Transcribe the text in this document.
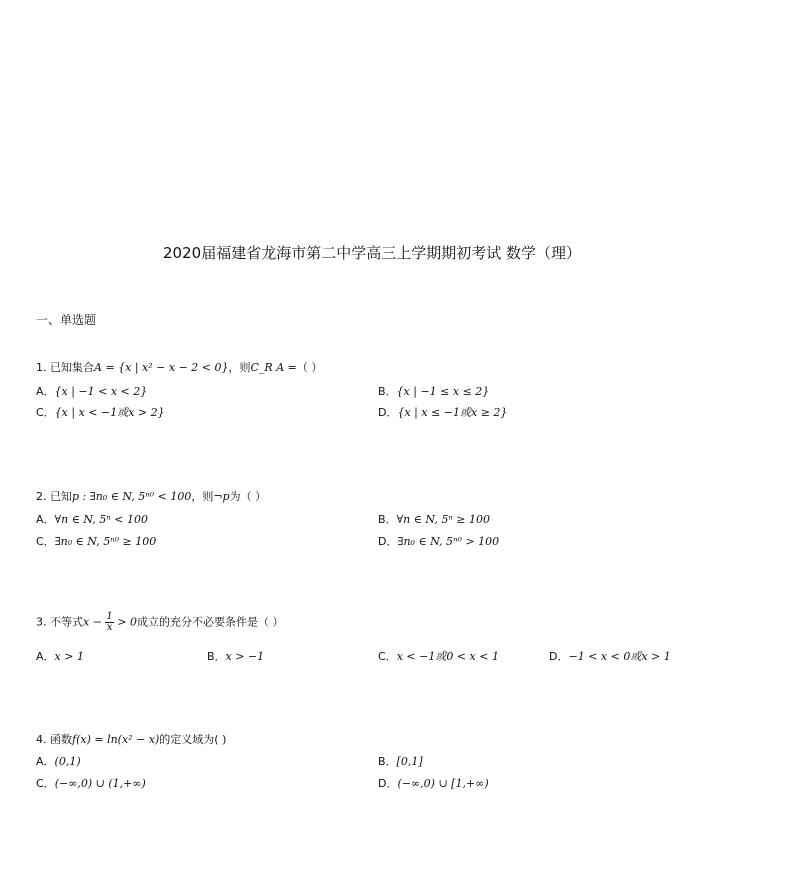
2020届福建省龙海市第二中学高三上学期期初考试 数学（理）
一、单选题
1. 已知集合A = {x | x² − x − 2 < 0}，则C_R A =（ ）
A．{x | −1 < x < 2}	B．{x | −1 ≤ x ≤ 2}
C．{x | x < −1或x > 2}	D．{x | x ≤ −1或x ≥ 2}
2. 已知p : ∃n₀ ∈ N, 5ⁿ⁰ < 100，则¬p为（ ）
A．∀n ∈ N, 5ⁿ < 100	B．∀n ∈ N, 5ⁿ ≥ 100
C．∃n₀ ∈ N, 5ⁿ⁰ ≥ 100	D．∃n₀ ∈ N, 5ⁿ⁰ > 100
3. 不等式$x - \frac{1}{x} > 0$成立的充分不必要条件是（ ）
A．x > 1	B．x > −1	C．x < −1或0 < x < 1	D．−1 < x < 0或x > 1
4. 函数f(x) = ln(x² − x)的定义域为( )
A．(0,1)	B．[0,1]
C．(−∞,0) ∪ (1,+∞)	D．(−∞,0) ∪ [1,+∞)
